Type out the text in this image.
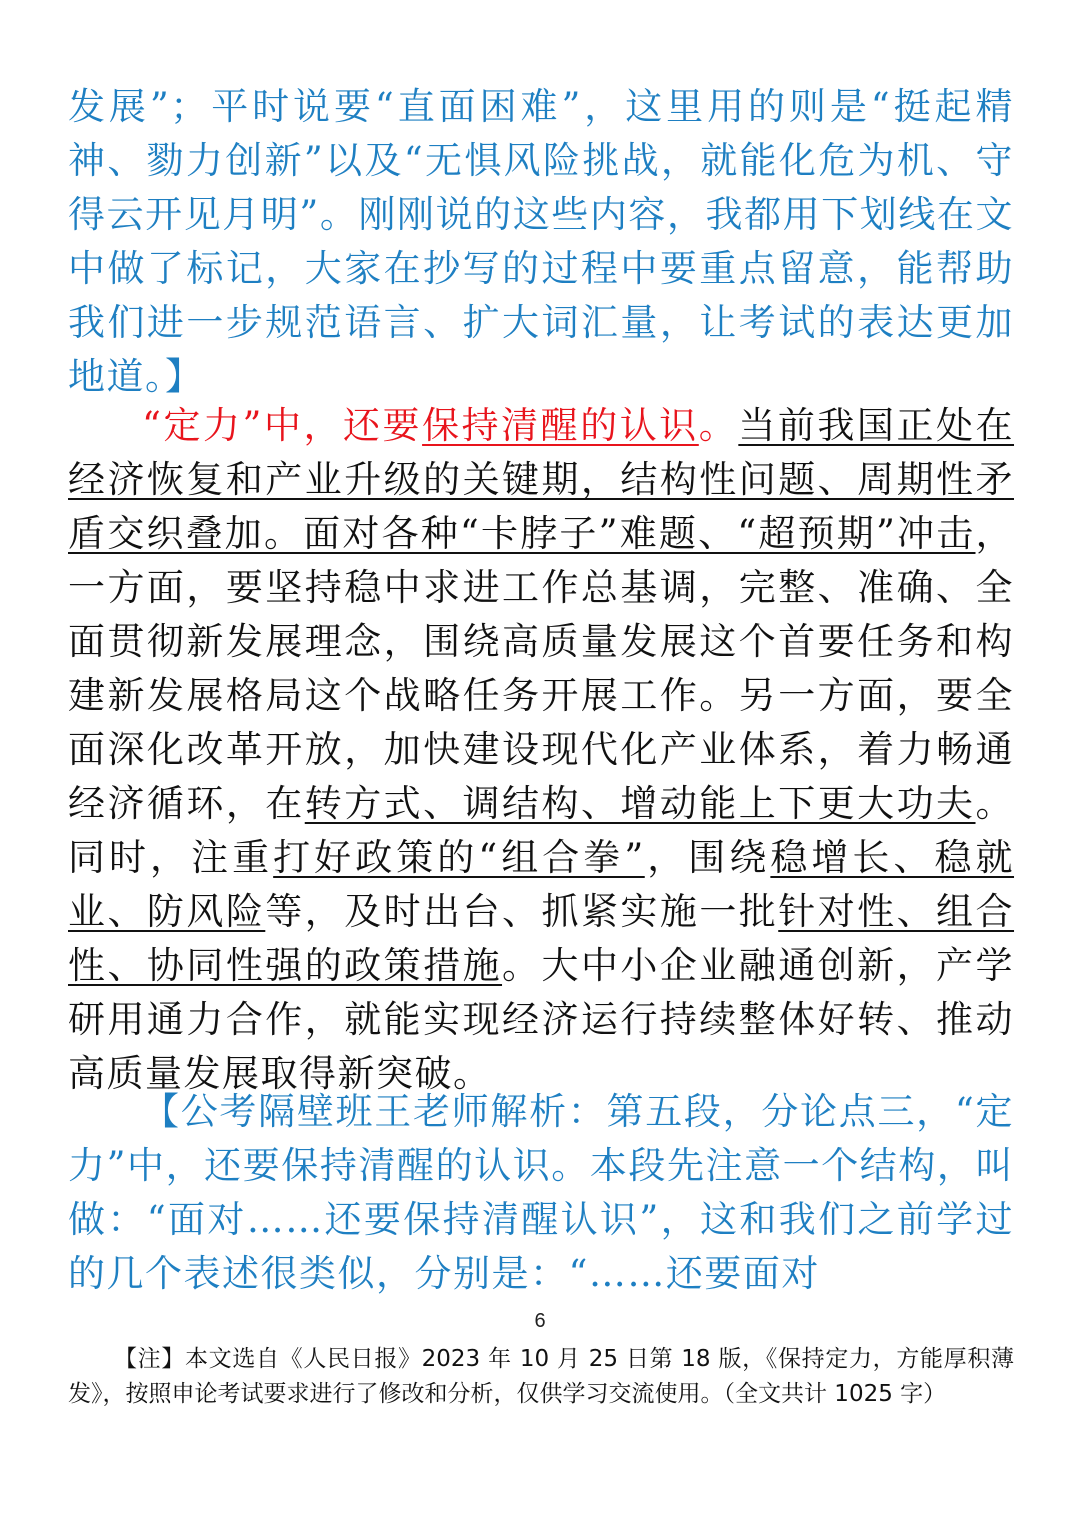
发展”；平时说要“直面困难”，这里用的则是“挺起精神、勠力创新”以及“无惧风险挑战，就能化危为机、守得云开见月明”。刚刚说的这些内容，我都用下划线在文中做了标记，大家在抄写的过程中要重点留意，能帮助我们进一步规范语言、扩大词汇量，让考试的表达更加地道。】

“定力”中，还要保持清醒的认识。当前我国正处在经济恢复和产业升级的关键期，结构性问题、周期性矛盾交织叠加。面对各种“卡脖子”难题、“超预期”冲击，一方面，要坚持稳中求进工作总基调，完整、准确、全面贯彻新发展理念，围绕高质量发展这个首要任务和构建新发展格局这个战略任务开展工作。另一方面，要全面深化改革开放，加快建设现代化产业体系，着力畅通经济循环，在转方式、调结构、增动能上下更大功夫。同时，注重打好政策的“组合拳”，围绕稳增长、稳就业、防风险等，及时出台、抓紧实施一批针对性、组合性、协同性强的政策措施。大中小企业融通创新，产学研用通力合作，就能实现经济运行持续整体好转、推动高质量发展取得新突破。

【公考隔壁班王老师解析：第五段，分论点三，“定力”中，还要保持清醒的认识。本段先注意一个结构，叫做：“面对……还要保持清醒认识”，这和我们之前学过的几个表述很类似，分别是：“……还要面对

6

【注】本文选自《人民日报》2023 年 10 月 25 日第 18 版，《保持定力，方能厚积薄发》，按照申论考试要求进行了修改和分析，仅供学习交流使用。（全文共计 1025 字）
